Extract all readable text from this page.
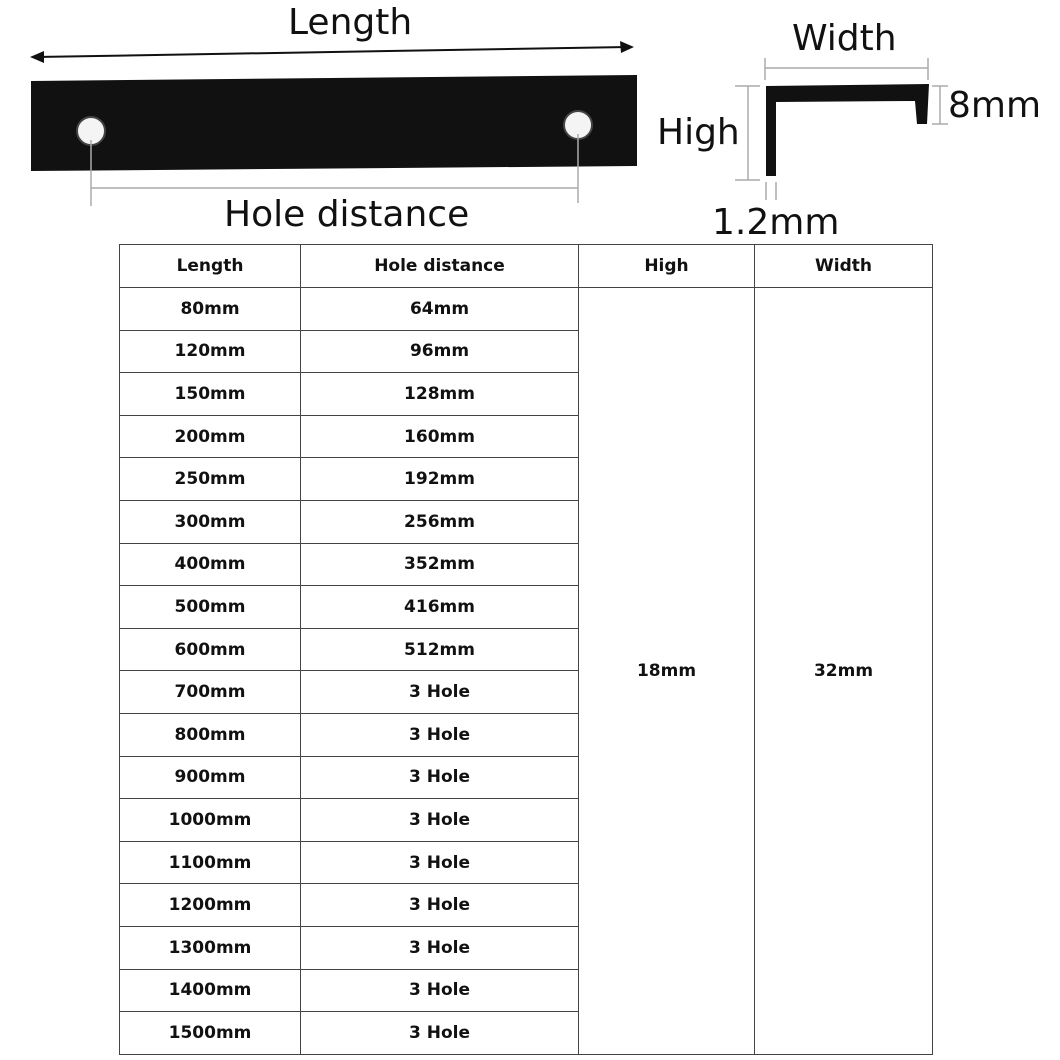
Length
Hole distance
Width
High
8mm
1.2mm
Length	Hole distance	High	Width
80mm	64mm	18mm	32mm
120mm	96mm		
150mm	128mm		
200mm	160mm		
250mm	192mm		
300mm	256mm		
400mm	352mm		
500mm	416mm		
600mm	512mm		
700mm	3 Hole		
800mm	3 Hole		
900mm	3 Hole		
1000mm	3 Hole		
1100mm	3 Hole		
1200mm	3 Hole		
1300mm	3 Hole		
1400mm	3 Hole		
1500mm	3 Hole		
